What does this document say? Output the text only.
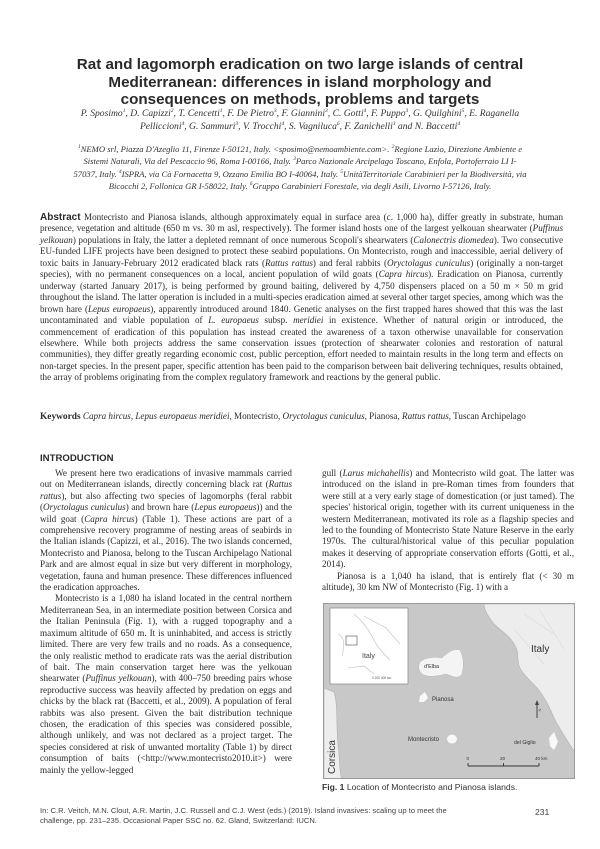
Rat and lagomorph eradication on two large islands of central Mediterranean: differences in island morphology and consequences on methods, problems and targets
P. Sposimo$^1$, D. Capizzi$^2$, T. Cencetti$^1$, F. De Pietro$^3$, F. Giannini$^3$, C. Gotti$^4$, F. Puppo$^3$, G. Quilghini$^5$, E. Raganella Pelliccioni$^4$, G. Sammuri$^3$, V. Trocchi$^4$, S. Vagniluca$^6$, F. Zanichelli$^3$ and N. Baccetti$^4$
$^1$NEMO srl, Piazza D'Azeglio 11, Firenze I-50121, Italy. <sposimo@nemoambiente.com>. $^2$Regione Lazio, Direzione Ambiente e Sistemi Naturali, Via del Pescaccio 96, Roma I-00166, Italy. $^3$Parco Nazionale Arcipelago Toscano, Enfola, Portoferraio LI I-57037, Italy. $^4$ISPRA, via Cà Fornacetta 9, Ozzano Emilia BO I-40064, Italy. $^5$UnitàTerritoriale Carabinieri per la Biodiversità, via Bicocchi 2, Follonica GR I-58022, Italy. $^6$Gruppo Carabinieri Forestale, via degli Asili, Livorno I-57126, Italy.
Abstract Montecristo and Pianosa islands, although approximately equal in surface area (c. 1,000 ha), differ greatly in substrate, human presence, vegetation and altitude (650 m vs. 30 m asl, respectively). The former island hosts one of the largest yelkouan shearwater (Puffinus yelkouan) populations in Italy, the latter a depleted remnant of once numerous Scopoli's shearwaters (Calonectris diomedea). Two consecutive EU-funded LIFE projects have been designed to protect these seabird populations. On Montecristo, rough and inaccessible, aerial delivery of toxic baits in January-February 2012 eradicated black rats (Rattus rattus) and feral rabbits (Oryctolagus cuniculus) (originally a non-target species), with no permanent consequences on a local, ancient population of wild goats (Capra hircus). Eradication on Pianosa, currently underway (started January 2017), is being performed by ground baiting, delivered by 4,750 dispensers placed on a 50 m × 50 m grid throughout the island. The latter operation is included in a multi-species eradication aimed at several other target species, among which was the brown hare (Lepus europaeus), apparently introduced around 1840. Genetic analyses on the first trapped hares showed that this was the last uncontaminated and viable population of L. europaeus subsp. meridiei in existence. Whether of natural origin or introduced, the commencement of eradication of this population has instead created the awareness of a taxon otherwise unavailable for conservation elsewhere. While both projects address the same conservation issues (protection of shearwater colonies and restoration of natural communities), they differ greatly regarding economic cost, public perception, effort needed to maintain results in the long term and effects on non-target species. In the present paper, specific attention has been paid to the comparison between bait delivering techniques, results obtained, the array of problems originating from the complex regulatory framework and reactions by the general public.
Keywords Capra hircus, Lepus europaeus meridiei, Montecristo, Oryctolagus cuniculus, Pianosa, Rattus rattus, Tuscan Archipelago
INTRODUCTION

We present here two eradications of invasive mammals carried out on Mediterranean islands, directly concerning black rat (Rattus rattus), but also affecting two species of lagomorphs (feral rabbit (Oryctolagus cuniculus) and brown hare (Lepus europaeus)) and the wild goat (Capra hircus) (Table 1). These actions are part of a comprehensive recovery programme of nesting areas of seabirds in the Italian islands (Capizzi, et al., 2016). The two islands concerned, Montecristo and Pianosa, belong to the Tuscan Archipelago National Park and are almost equal in size but very different in morphology, vegetation, fauna and human presence. These differences influenced the eradication approaches.

Montecristo is a 1,080 ha island located in the central northern Mediterranean Sea, in an intermediate position between Corsica and the Italian Peninsula (Fig. 1), with a rugged topography and a maximum altitude of 650 m. It is uninhabited, and access is strictly limited. There are very few trails and no roads. As a consequence, the only realistic method to eradicate rats was the aerial distribution of bait. The main conservation target here was the yelkouan shearwater (Puffinus yelkouan), with 400–750 breeding pairs whose reproductive success was heavily affected by predation on eggs and chicks by the black rat (Baccetti, et al., 2009). A population of feral rabbits was also present. Given the bait distribution technique chosen, the eradication of this species was considered possible, although unlikely, and was not declared as a project target. The species considered at risk of unwanted mortality (Table 1) by direct consumption of baits (<http://www.montecristo2010.it>) were mainly the yellow-legged

gull (Larus michahellis) and Montecristo wild goat. The latter was introduced on the island in pre-Roman times from founders that were still at a very early stage of domestication (or just tamed). The species' historical origin, together with its current uniqueness in the western Mediterranean, motivated its role as a flagship species and led to the founding of Montecristo State Nature Reserve in the early 1970s. The cultural/historical value of this peculiar population makes it deserving of appropriate conservation efforts (Gotti, et al., 2014).

Pianosa is a 1,040 ha island, that is entirely flat (< 30 m altitude), 30 km NW of Montecristo (Fig. 1) with a

Italy
0 200 400 km
Italy
d'Elba
Pianosa
Montecristo	del Giglio
Corsica
N
0	20	40 km
Fig. 1 Location of Montecristo and Pianosa islands.
In: C.R. Veitch, M.N. Clout, A.R. Martin, J.C. Russell and C.J. West (eds.) (2019). Island invasives: scaling up to meet the challenge, pp. 231–235. Occasional Paper SSC no. 62. Gland, Switzerland: IUCN.
231
